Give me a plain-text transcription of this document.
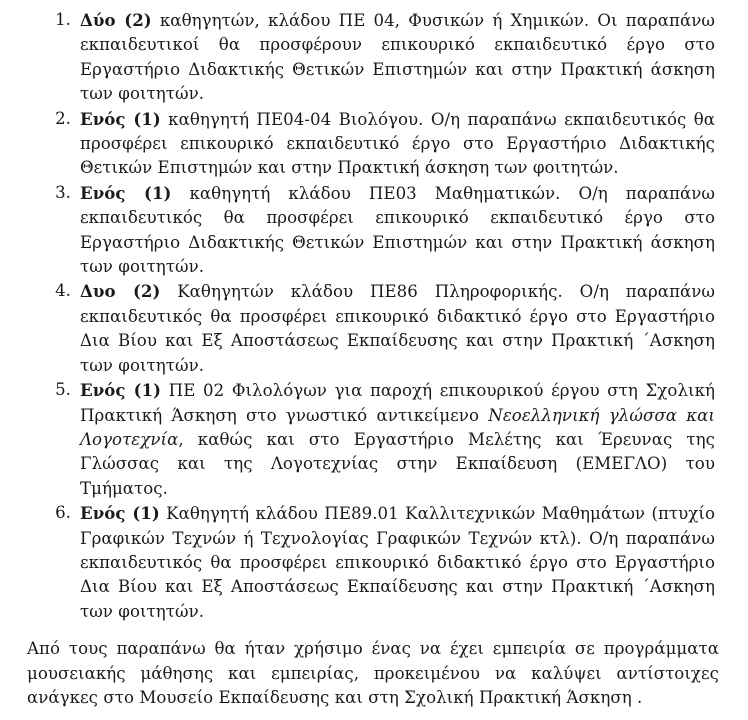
1. Δύο (2) καθηγητών, κλάδου ΠΕ 04, Φυσικών ή Χημικών. Οι παραπάνω εκπαιδευτικοί θα προσφέρουν επικουρικό εκπαιδευτικό έργο στο Εργαστήριο Διδακτικής Θετικών Επιστημών και στην Πρακτική άσκηση των φοιτητών.
2. Ενός (1) καθηγητή ΠΕ04-04 Βιολόγου. Ο/η παραπάνω εκπαιδευτικός θα προσφέρει επικουρικό εκπαιδευτικό έργο στο Εργαστήριο Διδακτικής Θετικών Επιστημών και στην Πρακτική άσκηση των φοιτητών.
3. Ενός (1) καθηγητή κλάδου ΠΕ03 Μαθηματικών. Ο/η παραπάνω εκπαιδευτικός θα προσφέρει επικουρικό εκπαιδευτικό έργο στο Εργαστήριο Διδακτικής Θετικών Επιστημών και στην Πρακτική άσκηση των φοιτητών.
4. Δυο (2) Καθηγητών κλάδου ΠΕ86 Πληροφορικής. Ο/η παραπάνω εκπαιδευτικός θα προσφέρει επικουρικό διδακτικό έργο στο Εργαστήριο Δια Βίου και Εξ Αποστάσεως Εκπαίδευσης και στην Πρακτική ΄Ασκηση των φοιτητών.
5. Ενός (1) ΠΕ 02 Φιλολόγων για παροχή επικουρικού έργου στη Σχολική Πρακτική Άσκηση στο γνωστικό αντικείμενο Νεοελληνική γλώσσα και Λογοτεχνία, καθώς και στο Εργαστήριο Μελέτης και Έρευνας της Γλώσσας και της Λογοτεχνίας στην Εκπαίδευση (ΕΜΕΓΛΟ) του Τμήματος.
6. Ενός (1) Καθηγητή κλάδου ΠΕ89.01 Καλλιτεχνικών Μαθημάτων (πτυχίο Γραφικών Τεχνών ή Τεχνολογίας Γραφικών Τεχνών κτλ). Ο/η παραπάνω εκπαιδευτικός θα προσφέρει επικουρικό διδακτικό έργο στο Εργαστήριο Δια Βίου και Εξ Αποστάσεως Εκπαίδευσης και στην Πρακτική ΄Ασκηση των φοιτητών.

Από τους παραπάνω θα ήταν χρήσιμο ένας να έχει εμπειρία σε προγράμματα μουσειακής μάθησης και εμπειρίας, προκειμένου να καλύψει αντίστοιχες ανάγκες στο Μουσείο Εκπαίδευσης και στη Σχολική Πρακτική Άσκηση .
